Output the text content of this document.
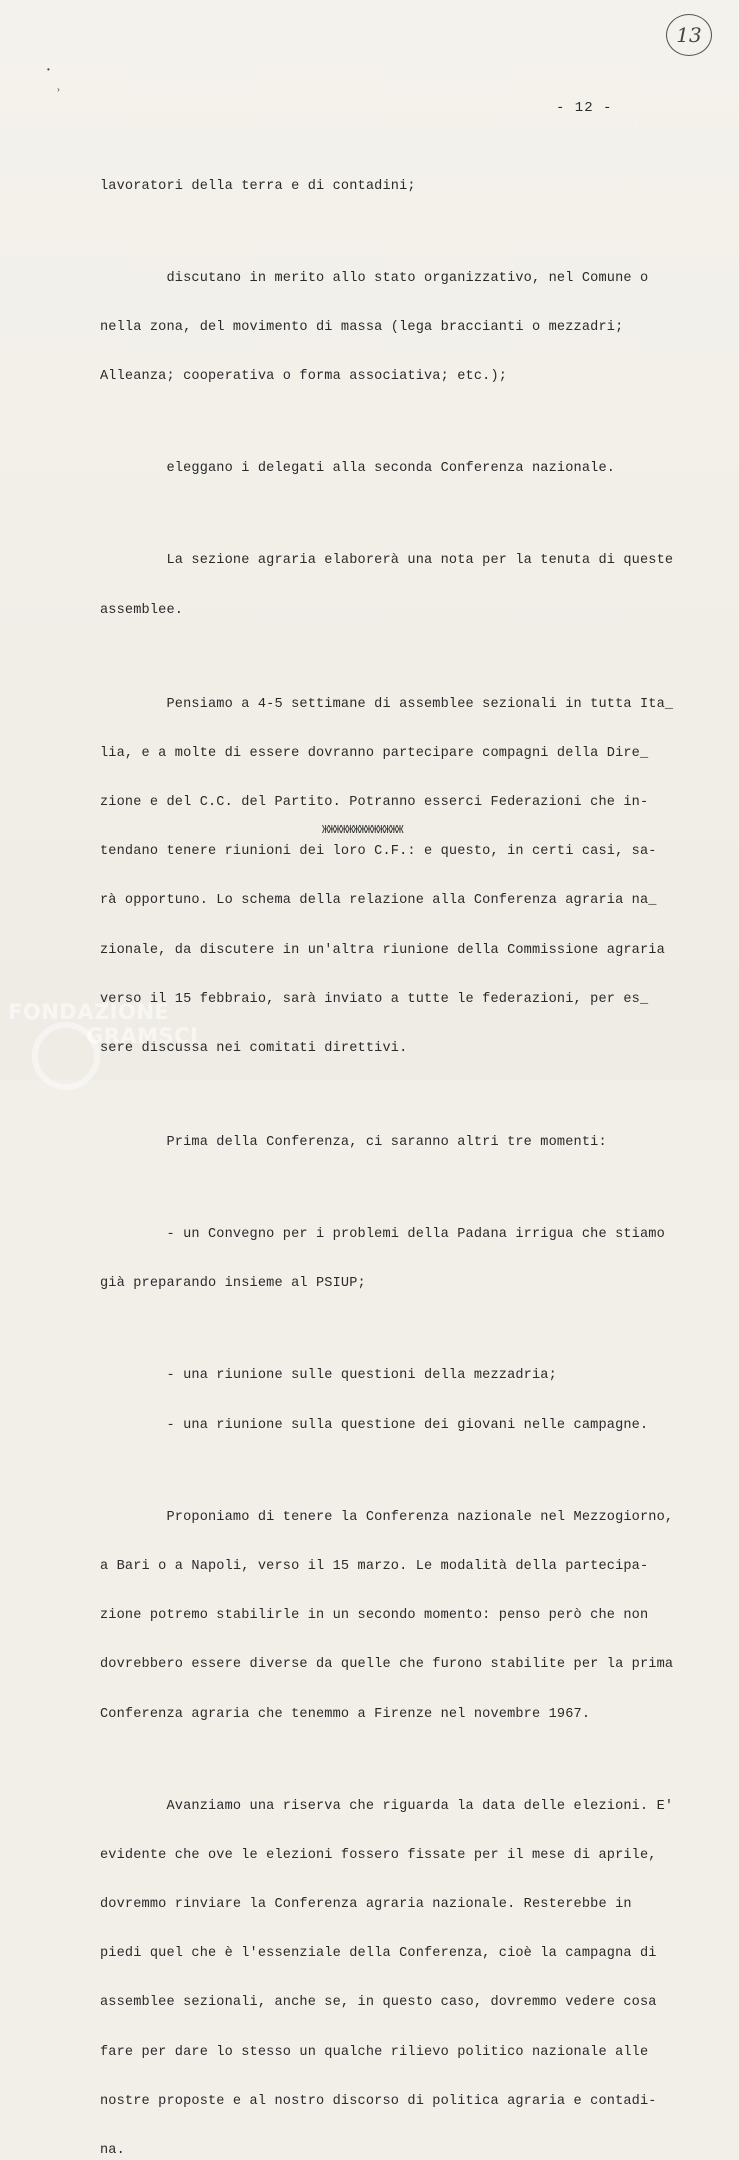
13
•
›
- 12 -

lavoratori della terra e di contadini;

discutano in merito allo stato organizzativo, nel Comune o

nella zona, del movimento di massa (lega braccianti o mezzadri;

Alleanza; cooperativa o forma associativa; etc.);

eleggano i delegati alla seconda Conferenza nazionale.

La sezione agraria elaborerà una nota per la tenuta di queste

assemblee.

Pensiamo a 4-5 settimane di assemblee sezionali in tutta Ita_

lia, e a molte di essere dovranno partecipare compagni della Dire_

zione e del C.C. del Partito. Potranno esserci Federazioni che in-

tendano tenere riunioni dei loro C.F.: e questo, in certi casi, sa-

rà opportuno. Lo schema della relazione alla Conferenza agraria na_

zionale, da discutere in un'altra riunione della Commissione agraria

verso il 15 febbraio, sarà inviato a tutte le federazioni, per es_

sere discussa nei comitati direttivi.

Prima della Conferenza, ci saranno altri tre momenti:

- un Convegno per i problemi della Padana irrigua che stiamo

già preparando insieme al PSIUP;

- una riunione sulle questioni della mezzadria;

- una riunione sulla questione dei giovani nelle campagne.

Proponiamo di tenere la Conferenza nazionale nel Mezzogiorno,

a Bari o a Napoli, verso il 15 marzo. Le modalità della partecipa-

zione potremo stabilirle in un secondo momento: penso però che non

dovrebbero essere diverse da quelle che furono stabilite per la prima

Conferenza agraria che tenemmo a Firenze nel novembre 1967.

Avanziamo una riserva che riguarda la data delle elezioni. E'

evidente che ove le elezioni fossero fissate per il mese di aprile,

dovremmo rinviare la Conferenza agraria nazionale. Resterebbe in

piedi quel che è l'essenziale della Conferenza, cioè la campagna di

assemblee sezionali, anche se, in questo caso, dovremmo vedere cosa

fare per dare lo stesso un qualche rilievo politico nazionale alle

nostre proposte e al nostro discorso di politica agraria e contadi-

na.

ЖЖЖЖЖЖЖЖЖЖЖЖЖ
FONDAZIONE
GRAMSCI
